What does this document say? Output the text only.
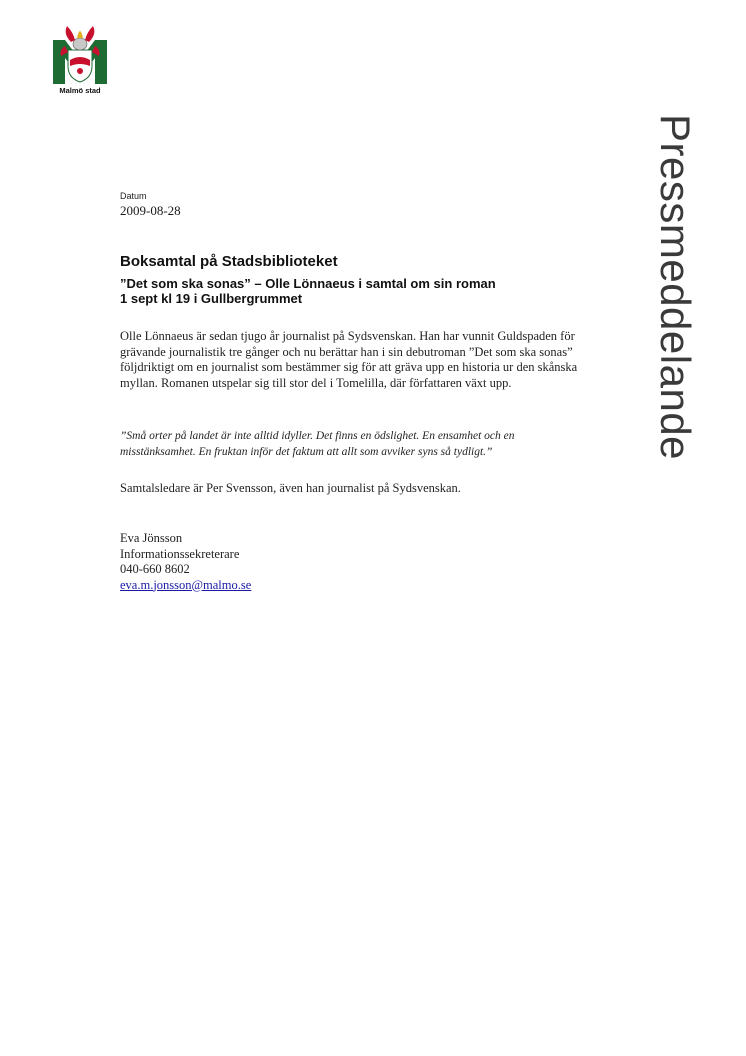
Malmö stad
Pressmeddelande
Datum
2009-08-28
Boksamtal på Stadsbiblioteket

”Det som ska sonas” – Olle Lönnaeus i samtal om sin roman
1 sept kl 19 i Gullbergrummet

Olle Lönnaeus är sedan tjugo år journalist på Sydsvenskan. Han har vunnit Guldspaden för grävande journalistik tre gånger och nu berättar han i sin debutroman ”Det som ska sonas” följdriktigt om en journalist som bestämmer sig för att gräva upp en historia ur den skånska myllan. Romanen utspelar sig till stor del i Tomelilla, där författaren växt upp.

”Små orter på landet är inte alltid idyller. Det finns en ödslighet. En ensamhet och en misstänksamhet. En fruktan inför det faktum att allt som avviker syns så tydligt.”

Samtalsledare är Per Svensson, även han journalist på Sydsvenskan.

Eva Jönsson
Informationssekreterare
040-660 8602
eva.m.jonsson@malmo.se
